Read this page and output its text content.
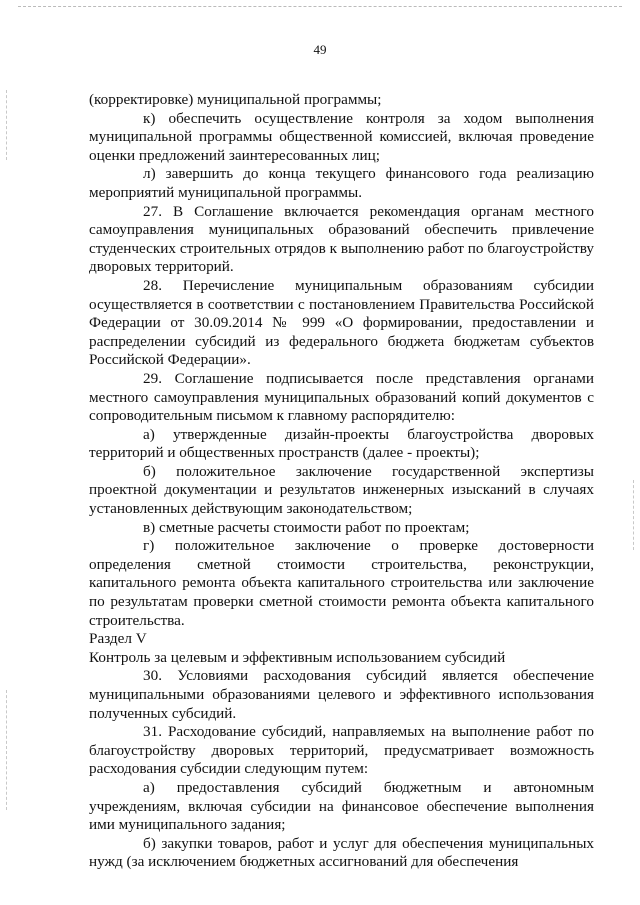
49

(корректировке) муниципальной программы;

к) обеспечить осуществление контроля за ходом выполнения муниципальной программы общественной комиссией, включая проведение оценки предложений заинтересованных лиц;

л) завершить до конца текущего финансового года реализацию мероприятий муниципальной программы.

27. В Соглашение включается рекомендация органам местного самоуправления муниципальных образований обеспечить привлечение студенческих строительных отрядов к выполнению работ по благоустройству дворовых территорий.

28. Перечисление муниципальным образованиям субсидии осуществляется в соответствии с постановлением Правительства Российской Федерации от 30.09.2014 № 999 «О формировании, предоставлении и распределении субсидий из федерального бюджета бюджетам субъектов Российской Федерации».

29. Соглашение подписывается после представления органами местного самоуправления муниципальных образований копий документов с сопроводительным письмом к главному распорядителю:

а) утвержденные дизайн-проекты благоустройства дворовых территорий и общественных пространств (далее - проекты);

б) положительное заключение государственной экспертизы проектной документации и результатов инженерных изысканий в случаях установленных действующим законодательством;

в) сметные расчеты стоимости работ по проектам;

г) положительное заключение о проверке достоверности определения сметной стоимости строительства, реконструкции, капитального ремонта объекта капитального строительства или заключение по результатам проверки сметной стоимости ремонта объекта капитального строительства.

Раздел V

Контроль за целевым и эффективным использованием субсидий

30. Условиями расходования субсидий является обеспечение муниципальными образованиями целевого и эффективного использования полученных субсидий.

31. Расходование субсидий, направляемых на выполнение работ по благоустройству дворовых территорий, предусматривает возможность расходования субсидии следующим путем:

а) предоставления субсидий бюджетным и автономным учреждениям, включая субсидии на финансовое обеспечение выполнения ими муниципального задания;

б) закупки товаров, работ и услуг для обеспечения муниципальных нужд (за исключением бюджетных ассигнований для обеспечения
